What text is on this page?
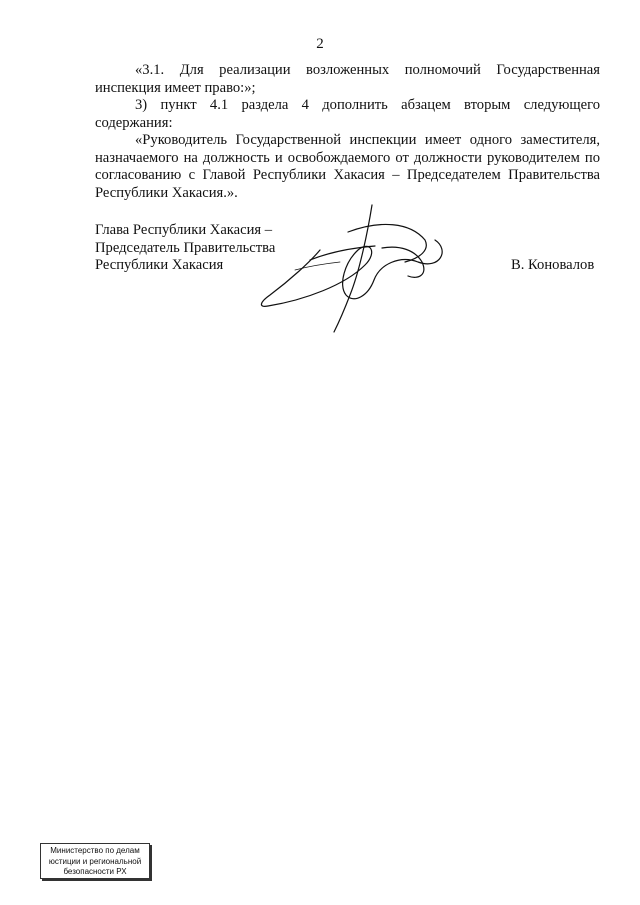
2

«3.1. Для реализации возложенных полномочий Государственная инспекция имеет право:»;

3) пункт 4.1 раздела 4 дополнить абзацем вторым следующего содержания:

«Руководитель Государственной инспекции имеет одного заместителя, назначаемого на должность и освобождаемого от должности руководителем по согласованию с Главой Республики Хакасия – Председателем Правительства Республики Хакасия.».

Глава Республики Хакасия –
Председатель Правительства
Республики Хакасия	В. Коновалов
Министерство по делам
юстиции и региональной
безопасности РХ
